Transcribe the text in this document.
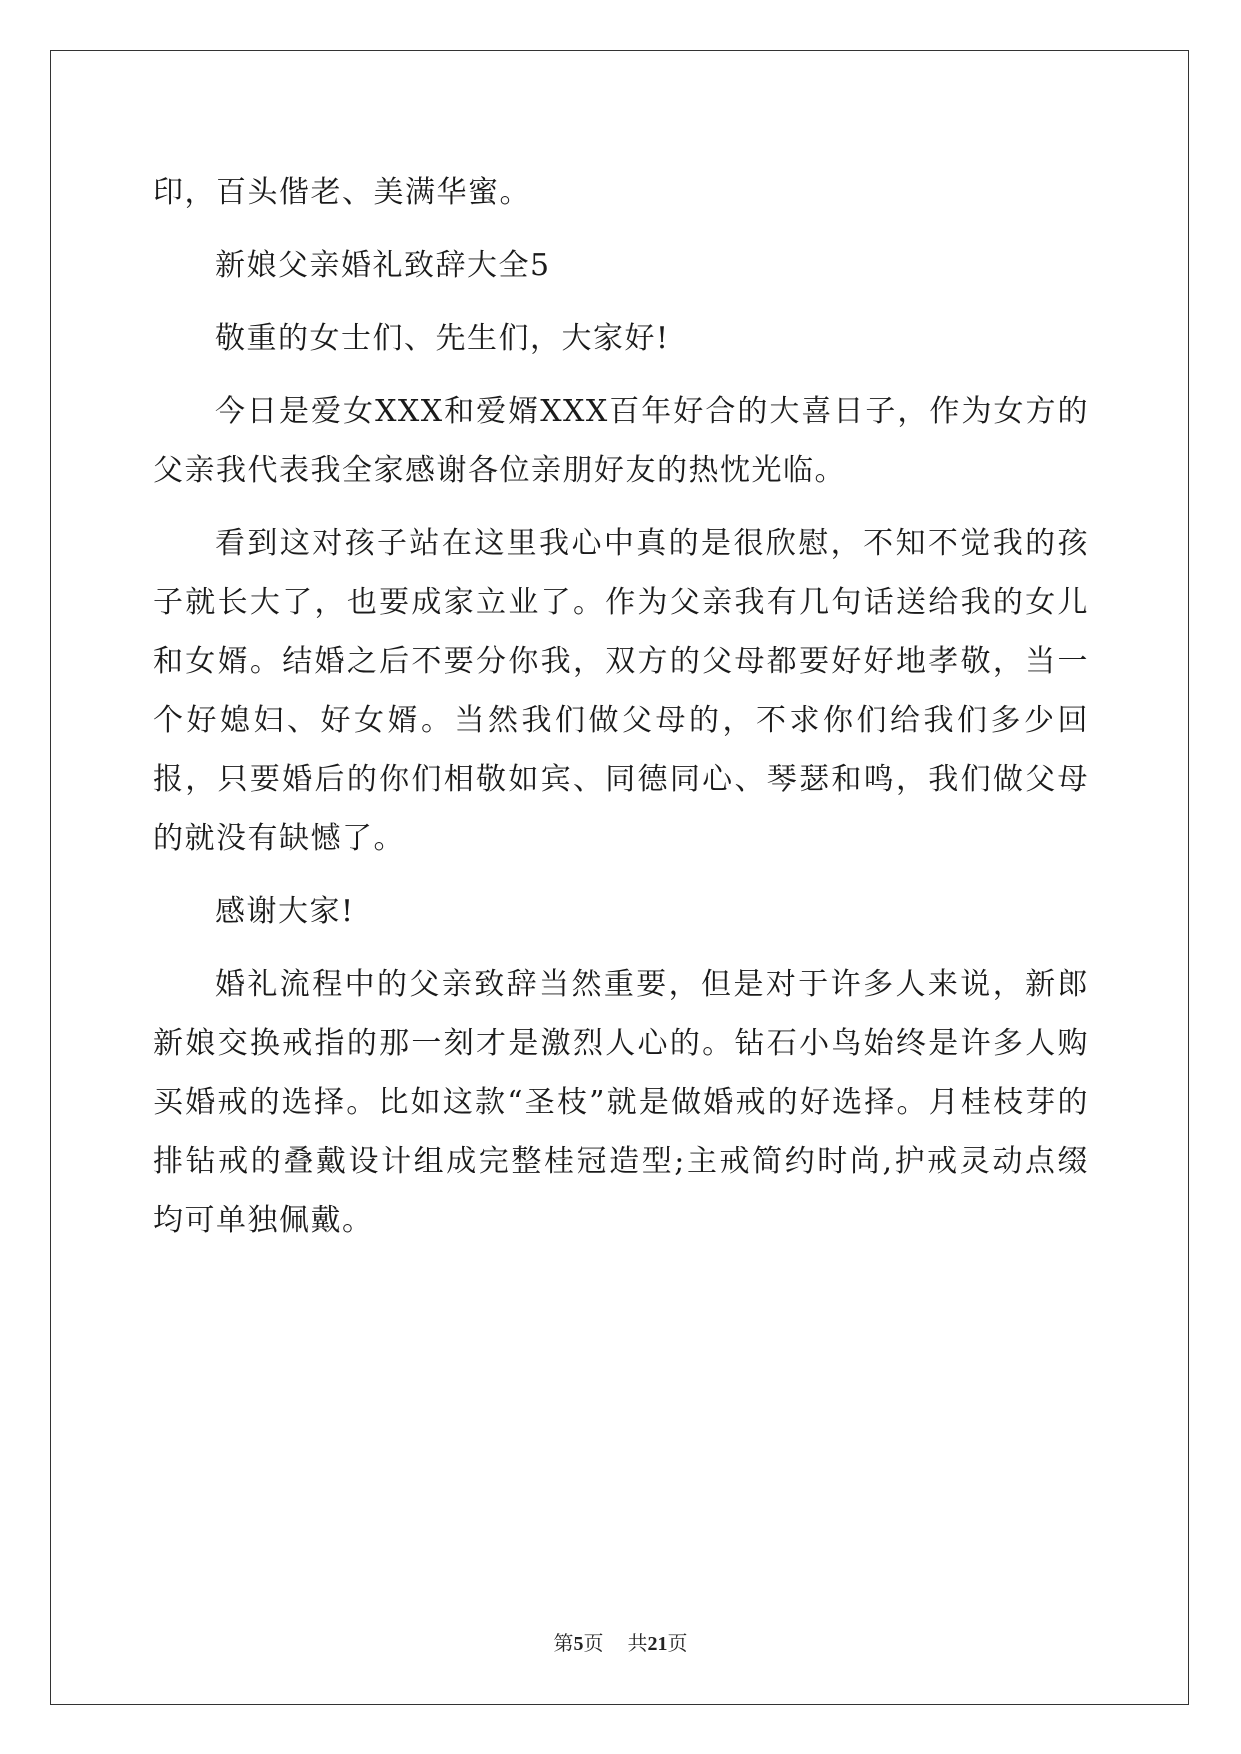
印，百头偕老、美满华蜜。

新娘父亲婚礼致辞大全5

敬重的女士们、先生们，大家好!

今日是爱女XXX和爱婿XXX百年好合的大喜日子，作为女方的父亲我代表我全家感谢各位亲朋好友的热忱光临。

看到这对孩子站在这里我心中真的是很欣慰，不知不觉我的孩子就长大了，也要成家立业了。作为父亲我有几句话送给我的女儿和女婿。结婚之后不要分你我，双方的父母都要好好地孝敬，当一个好媳妇、好女婿。当然我们做父母的，不求你们给我们多少回报，只要婚后的你们相敬如宾、同德同心、琴瑟和鸣，我们做父母的就没有缺憾了。

感谢大家!

婚礼流程中的父亲致辞当然重要，但是对于许多人来说，新郎新娘交换戒指的那一刻才是激烈人心的。钻石小鸟始终是许多人购买婚戒的选择。比如这款“圣枝”就是做婚戒的好选择。月桂枝芽的排钻戒的叠戴设计组成完整桂冠造型;主戒简约时尚,护戒灵动点缀均可单独佩戴。

第5页 共21页
